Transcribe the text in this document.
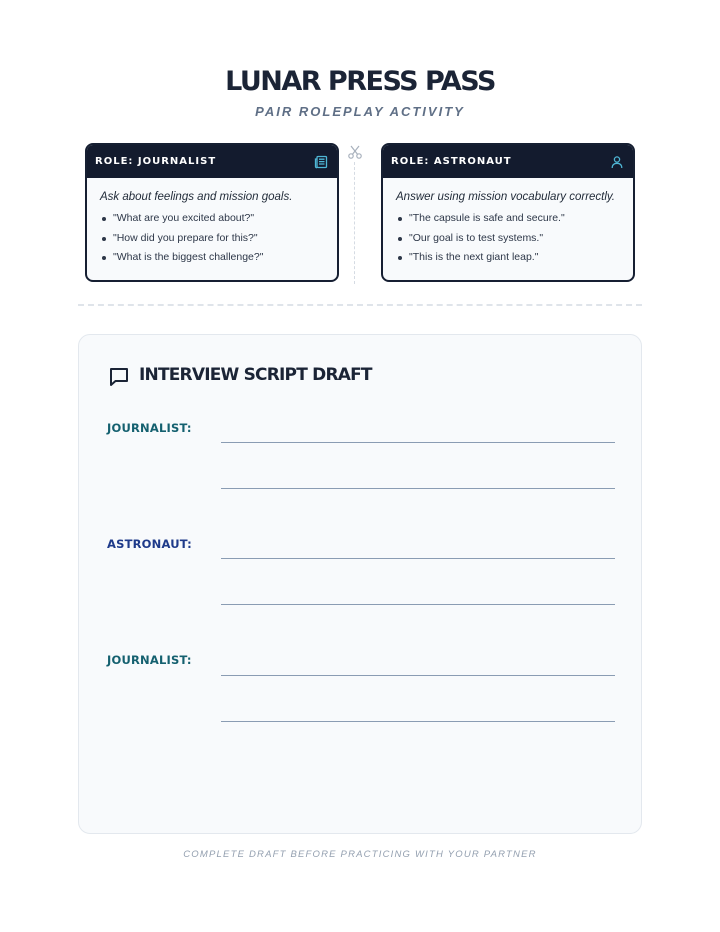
LUNAR PRESS PASS
PAIR ROLEPLAY ACTIVITY
ROLE: JOURNALIST
Ask about feelings and mission goals.
"What are you excited about?"
"How did you prepare for this?"
"What is the biggest challenge?"
ROLE: ASTRONAUT
Answer using mission vocabulary correctly.
"The capsule is safe and secure."
"Our goal is to test systems."
"This is the next giant leap."
INTERVIEW SCRIPT DRAFT
JOURNALIST:
ASTRONAUT:
JOURNALIST:
COMPLETE DRAFT BEFORE PRACTICING WITH YOUR PARTNER
